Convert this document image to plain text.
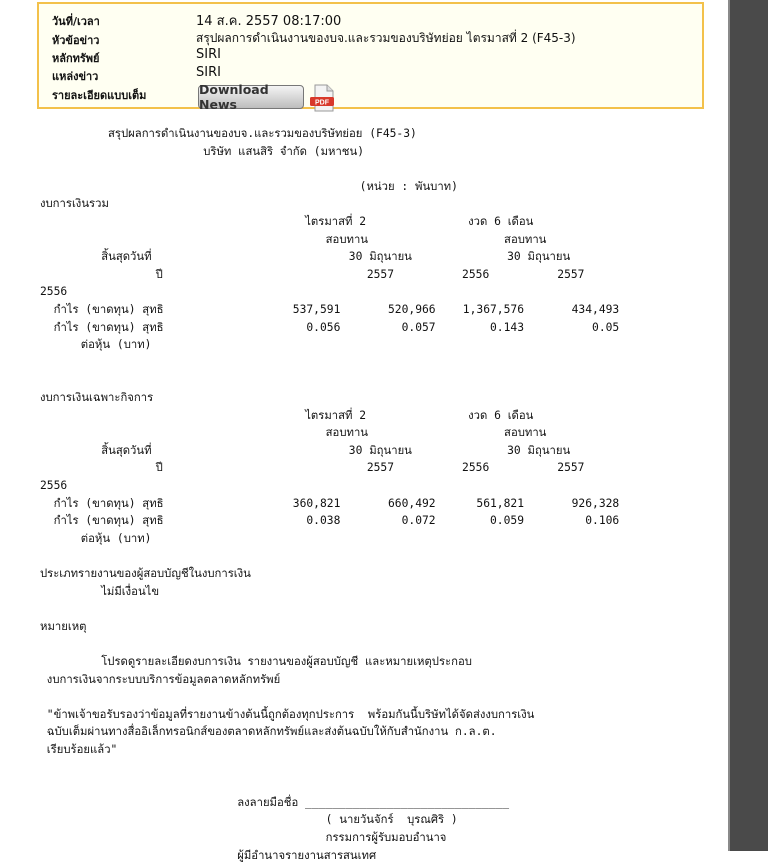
วันที่/เวลา	14 ส.ค. 2557 08:17:00
หัวข้อข่าว	สรุปผลการดำเนินงานของบจ.และรวมของบริษัทย่อย ไตรมาสที่ 2 (F45-3)
หลักทรัพย์	SIRI
แหล่งข่าว	SIRI
รายละเอียดแบบเต็ม	Download News	PDF
สรุปผลการดำเนินงานของบจ.และรวมของบริษัทย่อย (F45-3)
บริษัท แสนสิริ จำกัด (มหาชน)
(หน่วย : พันบาท)
งบการเงินรวม
ไตรมาสที่ 2               งวด 6 เดือน
สอบทาน                    สอบทาน
สิ้นสุดวันที่                             30 มิถุนายน              30 มิถุนายน
ปี                              2557          2556          2557
2556
กำไร (ขาดทุน) สุทธิ                   537,591       520,966    1,367,576       434,493
กำไร (ขาดทุน) สุทธิ                     0.056         0.057        0.143          0.05
ต่อหุ้น (บาท)
งบการเงินเฉพาะกิจการ
ไตรมาสที่ 2               งวด 6 เดือน
สอบทาน                    สอบทาน
สิ้นสุดวันที่                             30 มิถุนายน              30 มิถุนายน
ปี                              2557          2556          2557
2556
กำไร (ขาดทุน) สุทธิ                   360,821       660,492      561,821       926,328
กำไร (ขาดทุน) สุทธิ                     0.038         0.072        0.059         0.106
ต่อหุ้น (บาท)
ประเภทรายงานของผู้สอบบัญชีในงบการเงิน
ไม่มีเงื่อนไข
หมายเหตุ
โปรดดูรายละเอียดงบการเงิน รายงานของผู้สอบบัญชี และหมายเหตุประกอบ
งบการเงินจากระบบบริการข้อมูลตลาดหลักทรัพย์
"ข้าพเจ้าขอรับรองว่าข้อมูลที่รายงานข้างต้นนี้ถูกต้องทุกประการ  พร้อมกันนี้บริษัทได้จัดส่งงบการเงิน
ฉบับเต็มผ่านทางสื่ออิเล็กทรอนิกส์ของตลาดหลักทรัพย์และส่งต้นฉบับให้กับสำนักงาน ก.ล.ต.
เรียบร้อยแล้ว"
ลงลายมือชื่อ ______________________________
( นายวันจักร์  บุรณศิริ )
กรรมการผู้รับมอบอำนาจ
ผู้มีอำนาจรายงานสารสนเทศ
